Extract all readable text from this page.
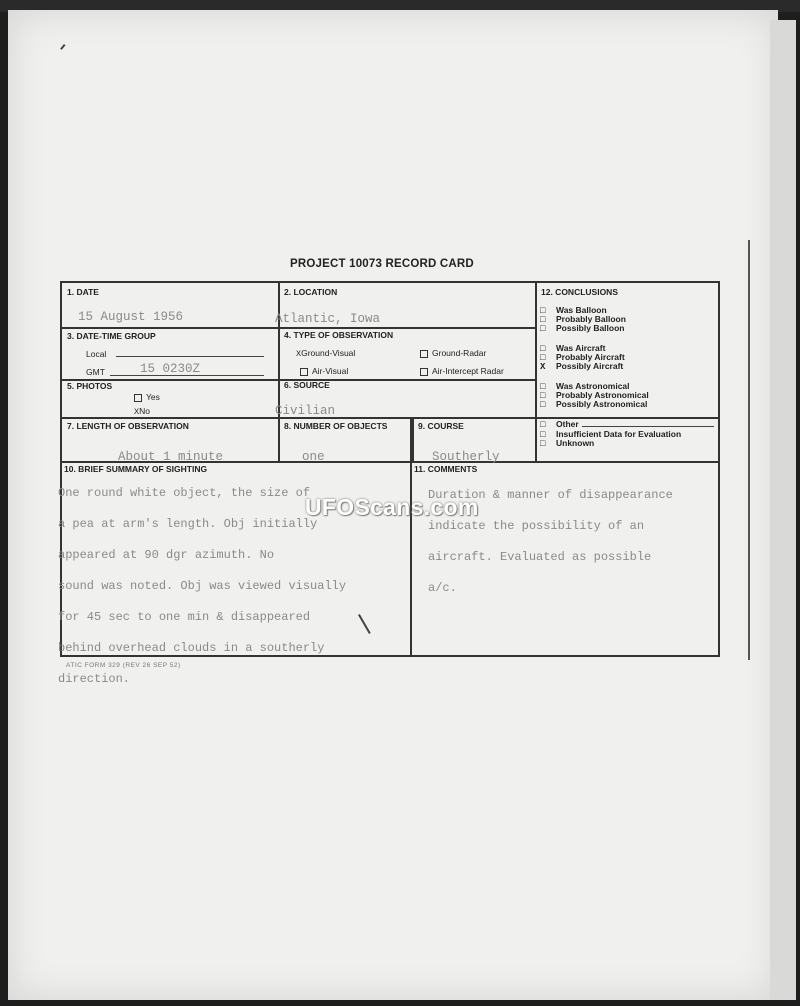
PROJECT 10073 RECORD CARD
1. DATE
15 August 1956
2. LOCATION
Atlantic, Iowa
3. DATE-TIME GROUP
Local
GMT	15 0230Z
4. TYPE OF OBSERVATION
XGround-Visual	Ground-Radar
Air-Visual	Air-Intercept Radar
5. PHOTOS
Yes
XNo
6. SOURCE
Civilian
7. LENGTH OF OBSERVATION
About 1 minute
8. NUMBER OF OBJECTS
one
9. COURSE
Southerly
10. BRIEF SUMMARY OF SIGHTING

One round white object, the size of

a pea at arm's length. Obj initially

appeared at 90 dgr azimuth. No

sound was noted. Obj was viewed visually

for 45 sec to one min & disappeared

behind overhead clouds in a southerly

direction.

11. COMMENTS

Duration & manner of disappearance

indicate the possibility of an

aircraft. Evaluated as possible

a/c.

12. CONCLUSIONS
□ Was Balloon
□ Probably Balloon
□ Possibly Balloon
□ Was Aircraft
□ Probably Aircraft
X Possibly Aircraft
□ Was Astronomical
□ Probably Astronomical
□ Possibly Astronomical
□ Other
□ Insufficient Data for Evaluation
□ Unknown
ATIC FORM 329 (REV 26 SEP 52)
UFOScans.com
